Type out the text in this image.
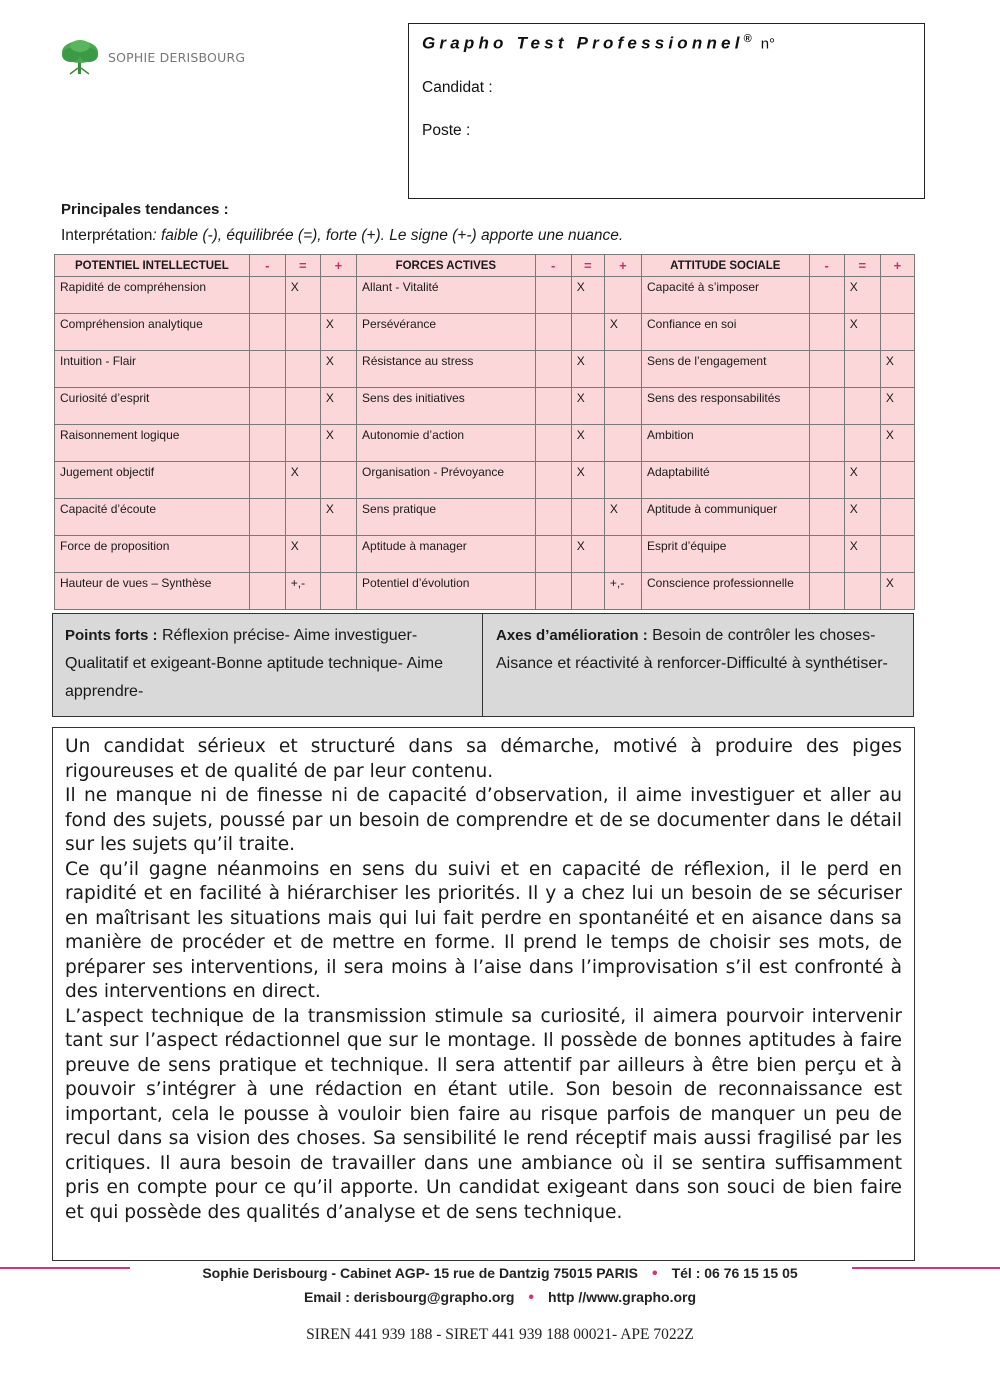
SOPHIE DERISBOURG
Grapho Test Professionnel® n°
Candidat :
Poste :
Principales tendances :
Interprétation: faible (-), équilibrée (=), forte (+). Le signe (+-) apporte une nuance.
POTENTIEL INTELLECTUEL	-	=	+	FORCES ACTIVES	-	=	+	ATTITUDE SOCIALE	-	=	+
Rapidité de compréhension		X		Allant - Vitalité		X		Capacité à s’imposer		X	
Compréhension analytique			X	Persévérance			X	Confiance en soi		X	
Intuition - Flair			X	Résistance au stress		X		Sens de l’engagement			X
Curiosité d’esprit			X	Sens des initiatives		X		Sens des responsabilités			X
Raisonnement logique			X	Autonomie d’action		X		Ambition			X
Jugement objectif		X		Organisation - Prévoyance		X		Adaptabilité		X	
Capacité d’écoute			X	Sens pratique			X	Aptitude à communiquer		X	
Force de proposition		X		Aptitude à manager		X		Esprit d’équipe		X	
Hauteur de vues – Synthèse		+,-		Potentiel d’évolution			+,-	Conscience professionnelle			X
Points forts : Réflexion précise- Aime investiguer- Qualitatif et exigeant-Bonne aptitude technique- Aime apprendre-
Axes d’amélioration : Besoin de contrôler les choses-Aisance et réactivité à renforcer-Difficulté à synthétiser-

Un candidat sérieux et structuré dans sa démarche, motivé à produire des piges rigoureuses et de qualité de par leur contenu.

Il ne manque ni de finesse ni de capacité d’observation, il aime investiguer et aller au fond des sujets, poussé par un besoin de comprendre et de se documenter dans le détail sur les sujets qu’il traite.

Ce qu’il gagne néanmoins en sens du suivi et en capacité de réflexion, il le perd en rapidité et en facilité à hiérarchiser les priorités. Il y a chez lui un besoin de se sécuriser en maîtrisant les situations mais qui lui fait perdre en spontanéité et en aisance dans sa manière de procéder et de mettre en forme. Il prend le temps de choisir ses mots, de préparer ses interventions, il sera moins à l’aise dans l’improvisation s’il est confronté à des interventions en direct.

L’aspect technique de la transmission stimule sa curiosité, il aimera pourvoir intervenir tant sur l’aspect rédactionnel que sur le montage. Il possède de bonnes aptitudes à faire preuve de sens pratique et technique. Il sera attentif par ailleurs à être bien perçu et à pouvoir s’intégrer à une rédaction en étant utile. Son besoin de reconnaissance est important, cela le pousse à vouloir bien faire au risque parfois de manquer un peu de recul dans sa vision des choses. Sa sensibilité le rend réceptif mais aussi fragilisé par les critiques. Il aura besoin de travailler dans une ambiance où il se sentira suffisamment pris en compte pour ce qu’il apporte. Un candidat exigeant dans son souci de bien faire et qui possède des qualités d’analyse et de sens technique.

Sophie Derisbourg - Cabinet AGP- 15 rue de Dantzig 75015 PARIS • Tél : 06 76 15 15 05
Email : derisbourg@grapho.org • http //www.grapho.org
SIREN 441 939 188 - SIRET 441 939 188 00021- APE 7022Z
